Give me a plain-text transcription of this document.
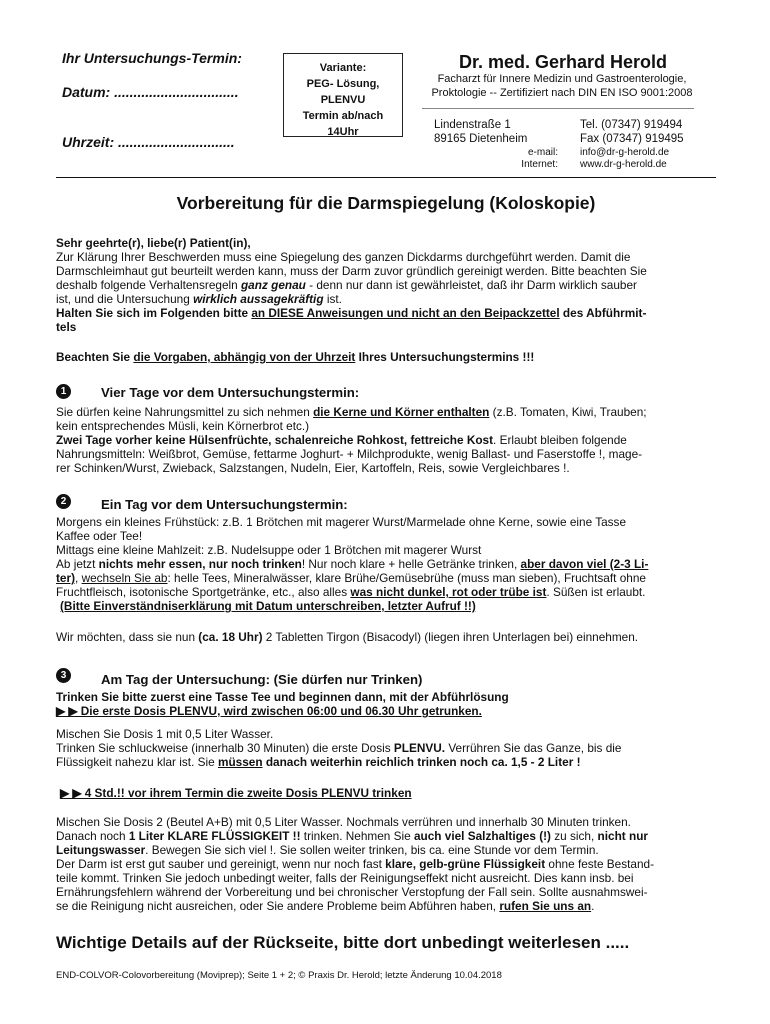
Ihr Untersuchungs-Termin:
Datum: ................................
Uhrzeit: ..............................
Variante:
PEG- Lösung,
PLENVU
Termin ab/nach
14Uhr
Dr. med. Gerhard Herold
Facharzt für Innere Medizin und Gastroenterologie,
Proktologie -- Zertifiziert nach DIN EN ISO 9001:2008
Lindenstraße 1
89165 Dietenheim
Tel. (07347) 919494
Fax (07347) 919495
e-mail: info@dr-g-herold.de
Internet: www.dr-g-herold.de
Vorbereitung für die Darmspiegelung (Koloskopie)
Sehr geehrte(r), liebe(r) Patient(in),
Zur Klärung Ihrer Beschwerden muss eine Spiegelung des ganzen Dickdarms durchgeführt werden. Damit die
Darmschleimhaut gut beurteilt werden kann, muss der Darm zuvor gründlich gereinigt werden. Bitte beachten Sie
deshalb folgende Verhaltensregeln ganz genau - denn nur dann ist gewährleistet, daß ihr Darm wirklich sauber
ist, und die Untersuchung wirklich aussagekräftig ist.
Halten Sie sich im Folgenden bitte an DIESE Anweisungen und nicht an den Beipackzettel des Abführmit-
tels
Beachten Sie die Vorgaben, abhängig von der Uhrzeit Ihres Untersuchungstermins !!!
1	Vier Tage vor dem Untersuchungstermin:
Sie dürfen keine Nahrungsmittel zu sich nehmen die Kerne und Körner enthalten (z.B. Tomaten, Kiwi, Trauben;
kein entsprechendes Müsli, kein Körnerbrot etc.)
Zwei Tage vorher keine Hülsenfrüchte, schalenreiche Rohkost, fettreiche Kost. Erlaubt bleiben folgende
Nahrungsmitteln: Weißbrot, Gemüse, fettarme Joghurt- + Milchprodukte, wenig Ballast- und Faserstoffe !, mage-
rer Schinken/Wurst, Zwieback, Salzstangen, Nudeln, Eier, Kartoffeln, Reis, sowie Vergleichbares !.
2	Ein Tag vor dem Untersuchungstermin:
Morgens ein kleines Frühstück: z.B. 1 Brötchen mit magerer Wurst/Marmelade ohne Kerne, sowie eine Tasse
Kaffee oder Tee!
Mittags eine kleine Mahlzeit: z.B. Nudelsuppe oder 1 Brötchen mit magerer Wurst
Ab jetzt nichts mehr essen, nur noch trinken! Nur noch klare + helle Getränke trinken, aber davon viel (2-3 Li-
ter), wechseln Sie ab: helle Tees, Mineralwässer, klare Brühe/Gemüsebrühe (muss man sieben), Fruchtsaft ohne
Fruchtfleisch, isotonische Sportgetränke, etc., also alles was nicht dunkel, rot oder trübe ist. Süßen ist erlaubt.
(Bitte Einverständniserklärung mit Datum unterschreiben, letzter Aufruf !!)
Wir möchten, dass sie nun (ca. 18 Uhr) 2 Tabletten Tirgon (Bisacodyl) (liegen ihren Unterlagen bei) einnehmen.
3	Am Tag der Untersuchung: (Sie dürfen nur Trinken)
Trinken Sie bitte zuerst eine Tasse Tee und beginnen dann, mit der Abführlösung
▶ ▶ Die erste Dosis PLENVU, wird zwischen 06:00 und 06.30 Uhr getrunken.
Mischen Sie Dosis 1 mit 0,5 Liter Wasser.
Trinken Sie schluckweise (innerhalb 30 Minuten) die erste Dosis PLENVU. Verrühren Sie das Ganze, bis die
Flüssigkeit nahezu klar ist. Sie müssen danach weiterhin reichlich trinken noch ca. 1,5 - 2 Liter !
▶ ▶ 4 Std.!! vor ihrem Termin die zweite Dosis PLENVU trinken
Mischen Sie Dosis 2 (Beutel A+B) mit 0,5 Liter Wasser. Nochmals verrühren und innerhalb 30 Minuten trinken.
Danach noch 1 Liter KLARE FLÜSSIGKEIT !! trinken. Nehmen Sie auch viel Salzhaltiges (!) zu sich, nicht nur
Leitungswasser. Bewegen Sie sich viel !. Sie sollen weiter trinken, bis ca. eine Stunde vor dem Termin.
Der Darm ist erst gut sauber und gereinigt, wenn nur noch fast klare, gelb-grüne Flüssigkeit ohne feste Bestand-
teile kommt. Trinken Sie jedoch unbedingt weiter, falls der Reinigungseffekt nicht ausreicht. Dies kann insb. bei
Ernährungsfehlern während der Vorbereitung und bei chronischer Verstopfung der Fall sein. Sollte ausnahmswei-
se die Reinigung nicht ausreichen, oder Sie andere Probleme beim Abführen haben, rufen Sie uns an.
Wichtige Details auf der Rückseite, bitte dort unbedingt weiterlesen .....
END-COLVOR-Colovorbereitung (Moviprep); Seite 1 + 2; © Praxis Dr. Herold; letzte Änderung 10.04.2018
